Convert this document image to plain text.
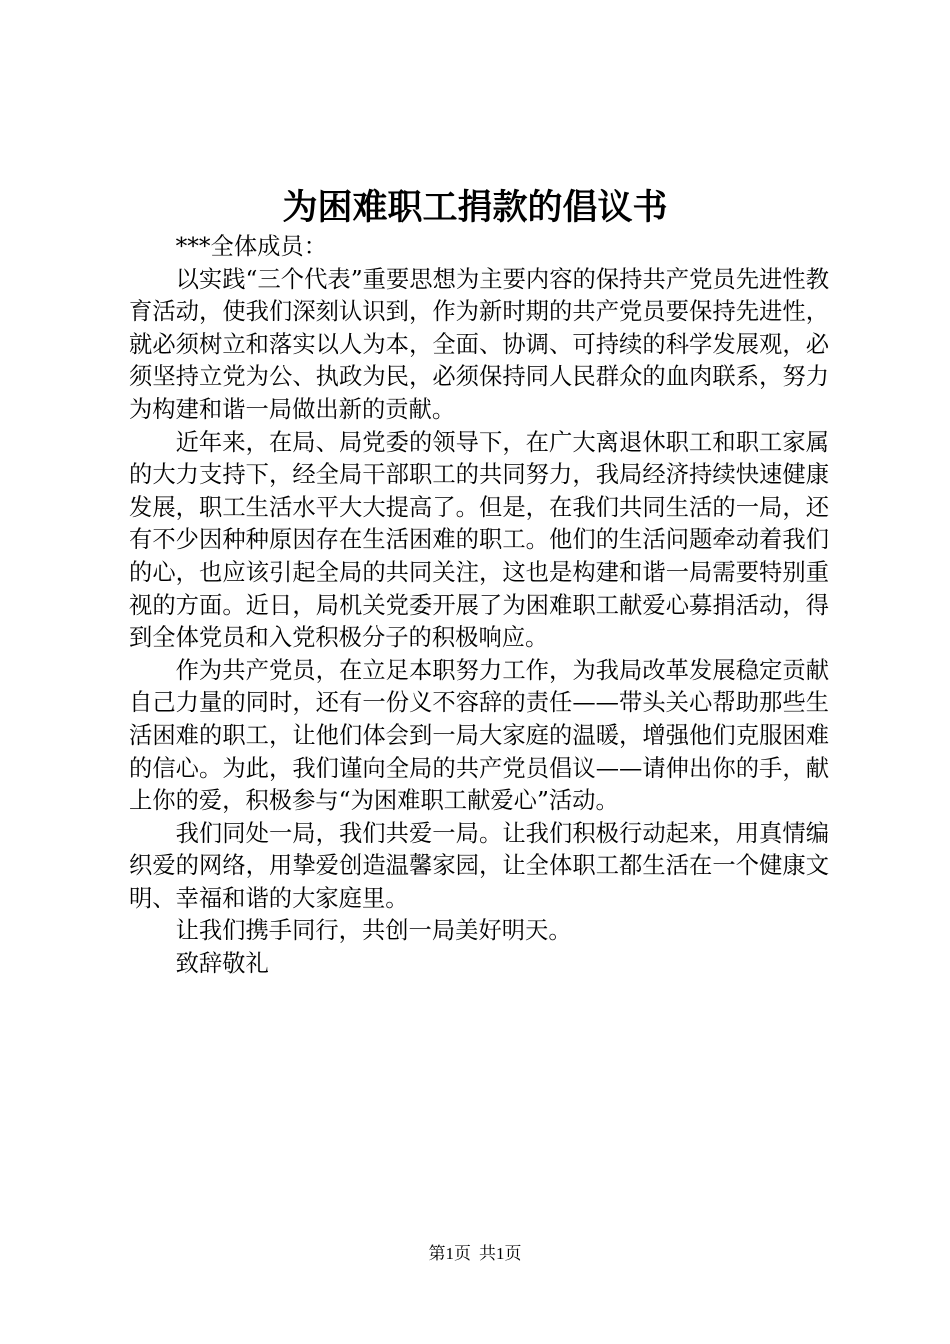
为困难职工捐款的倡议书

***全体成员：

以实践“三个代表”重要思想为主要内容的保持共产党员先进性教育活动，使我们深刻认识到，作为新时期的共产党员要保持先进性，就必须树立和落实以人为本，全面、协调、可持续的科学发展观，必须坚持立党为公、执政为民，必须保持同人民群众的血肉联系，努力为构建和谐一局做出新的贡献。

近年来，在局、局党委的领导下，在广大离退休职工和职工家属的大力支持下，经全局干部职工的共同努力，我局经济持续快速健康发展，职工生活水平大大提高了。但是，在我们共同生活的一局，还有不少因种种原因存在生活困难的职工。他们的生活问题牵动着我们的心，也应该引起全局的共同关注，这也是构建和谐一局需要特别重视的方面。近日，局机关党委开展了为困难职工献爱心募捐活动，得到全体党员和入党积极分子的积极响应。

作为共产党员，在立足本职努力工作，为我局改革发展稳定贡献自己力量的同时，还有一份义不容辞的责任——带头关心帮助那些生活困难的职工，让他们体会到一局大家庭的温暖，增强他们克服困难的信心。为此，我们谨向全局的共产党员倡议——请伸出你的手，献上你的爱，积极参与“为困难职工献爱心”活动。

我们同处一局，我们共爱一局。让我们积极行动起来，用真情编织爱的网络，用挚爱创造温馨家园，让全体职工都生活在一个健康文明、幸福和谐的大家庭里。

让我们携手同行，共创一局美好明天。

致辞敬礼

第1页 共1页
